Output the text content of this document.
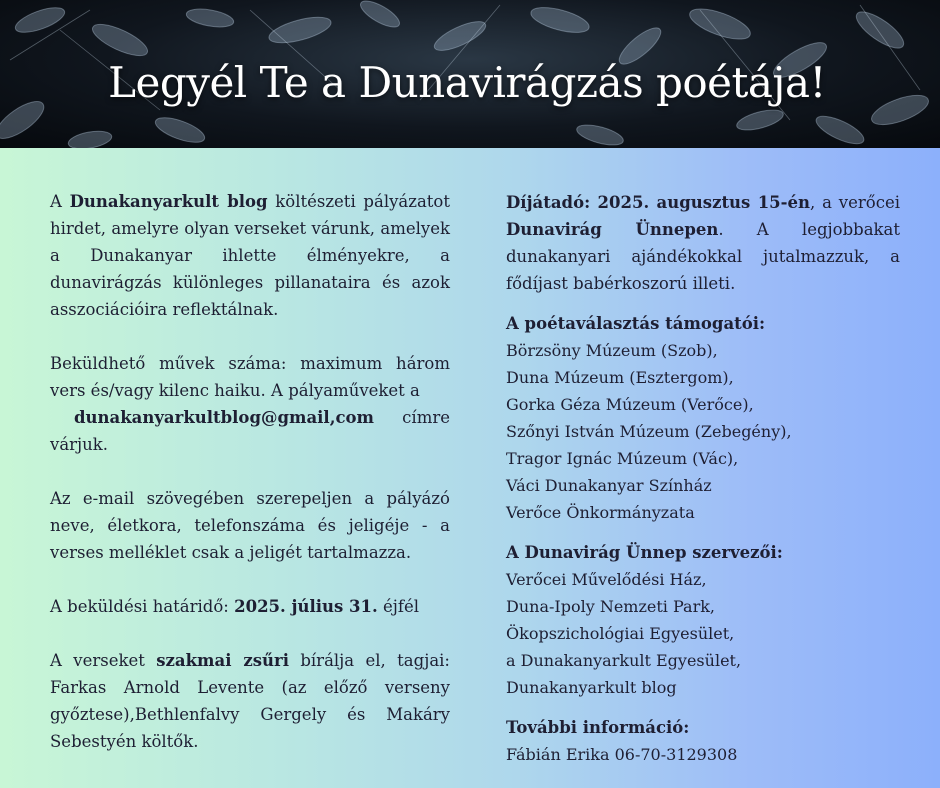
Legyél Te a Dunavirágzás poétája!

A Dunakanyarkult blog költészeti pályázatot hirdet, amelyre olyan verseket várunk, amelyek a Dunakanyar ihlette élményekre, a dunavirágzás különleges pillanataira és azok asszociációira reflektálnak.

Beküldhető művek száma: maximum három vers és/vagy kilenc haiku. A pályaműveket a
dunakanyarkultblog@gmail,com címre várjuk.

Az e-mail szövegében szerepeljen a pályázó neve, életkora, telefonszáma és jeligéje - a verses melléklet csak a jeligét tartalmazza.

A beküldési határidő: 2025. július 31. éjfél

A verseket szakmai zsűri bírálja el, tagjai: Farkas Arnold Levente (az előző verseny győztese),Bethlenfalvy Gergely és Makáry Sebestyén költők.

Díjátadó: 2025. augusztus 15-én, a verőcei Dunavirág Ünnepen. A legjobbakat dunakanyari ajándékokkal jutalmazzuk, a fődíjast babérkoszorú illeti.

A poétaválasztás támogatói:
Börzsöny Múzeum (Szob),
Duna Múzeum (Esztergom),
Gorka Géza Múzeum (Verőce),
Szőnyi István Múzeum (Zebegény),
Tragor Ignác Múzeum (Vác),
Váci Dunakanyar Színház
Verőce Önkormányzata
A Dunavirág Ünnep szervezői:
Verőcei Művelődési Ház,
Duna-Ipoly Nemzeti Park,
Ökopszichológiai Egyesület,
a Dunakanyarkult Egyesület,
Dunakanyarkult blog
További információ:
Fábián Erika 06-70-3129308
